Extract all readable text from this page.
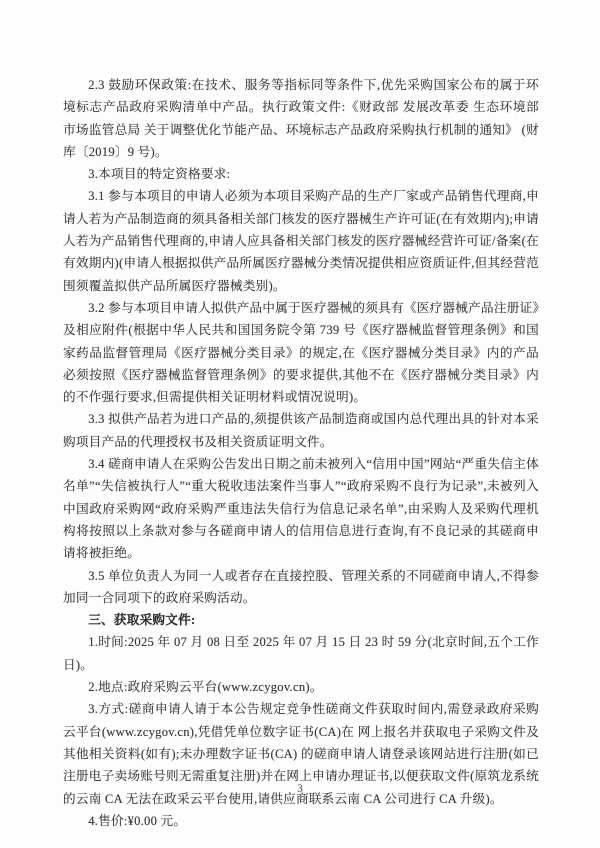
2.3 鼓励环保政策:在技术、服务等指标同等条件下,优先采购国家公布的属于环境标志产品政府采购清单中产品。执行政策文件:《财政部 发展改革委 生态环境部 市场监管总局 关于调整优化节能产品、环境标志产品政府采购执行机制的通知》 (财库〔2019〕9 号)。

3.本项目的特定资格要求:

3.1 参与本项目的申请人必须为本项目采购产品的生产厂家或产品销售代理商,申请人若为产品制造商的须具备相关部门核发的医疗器械生产许可证(在有效期内);申请人若为产品销售代理商的,申请人应具备相关部门核发的医疗器械经营许可证/备案(在有效期内)(申请人根据拟供产品所属医疗器械分类情况提供相应资质证件,但其经营范围须覆盖拟供产品所属医疗器械类别)。

3.2 参与本项目申请人拟供产品中属于医疗器械的须具有《医疗器械产品注册证》及相应附件(根据中华人民共和国国务院令第 739 号《医疗器械监督管理条例》和国家药品监督管理局《医疗器械分类目录》的规定,在《医疗器械分类目录》内的产品必须按照《医疗器械监督管理条例》的要求提供,其他不在《医疗器械分类目录》内的不作强行要求,但需提供相关证明材料或情况说明)。

3.3 拟供产品若为进口产品的,须提供该产品制造商或国内总代理出具的针对本采购项目产品的代理授权书及相关资质证明文件。

3.4 磋商申请人在采购公告发出日期之前未被列入“信用中国”网站“严重失信主体名单”“失信被执行人”“重大税收违法案件当事人”“政府采购不良行为记录”,未被列入中国政府采购网“政府采购严重违法失信行为信息记录名单”,由采购人及采购代理机构将按照以上条款对参与各磋商申请人的信用信息进行查询,有不良记录的其磋商申请将被拒绝。

3.5 单位负责人为同一人或者存在直接控股、管理关系的不同磋商申请人,不得参加同一合同项下的政府采购活动。

三、获取采购文件:

1.时间:2025 年 07 月 08 日至 2025 年 07 月 15 日 23 时 59 分(北京时间,五个工作日)。

2.地点:政府采购云平台(www.zcygov.cn)。

3.方式:磋商申请人请于本公告规定竞争性磋商文件获取时间内,需登录政府采购云平台(www.zcygov.cn),凭借凭单位数字证书(CA)在 网上报名并获取电子采购文件及其他相关资料(如有);未办理数字证书(CA) 的磋商申请人请登录该网站进行注册(如已注册电子卖场账号则无需重复注册)并在网上申请办理证书,以便获取文件(原筑龙系统的云南 CA 无法在政采云平台使用,请供应商联系云南 CA 公司进行 CA 升级)。

4.售价:¥0.00 元。

3
